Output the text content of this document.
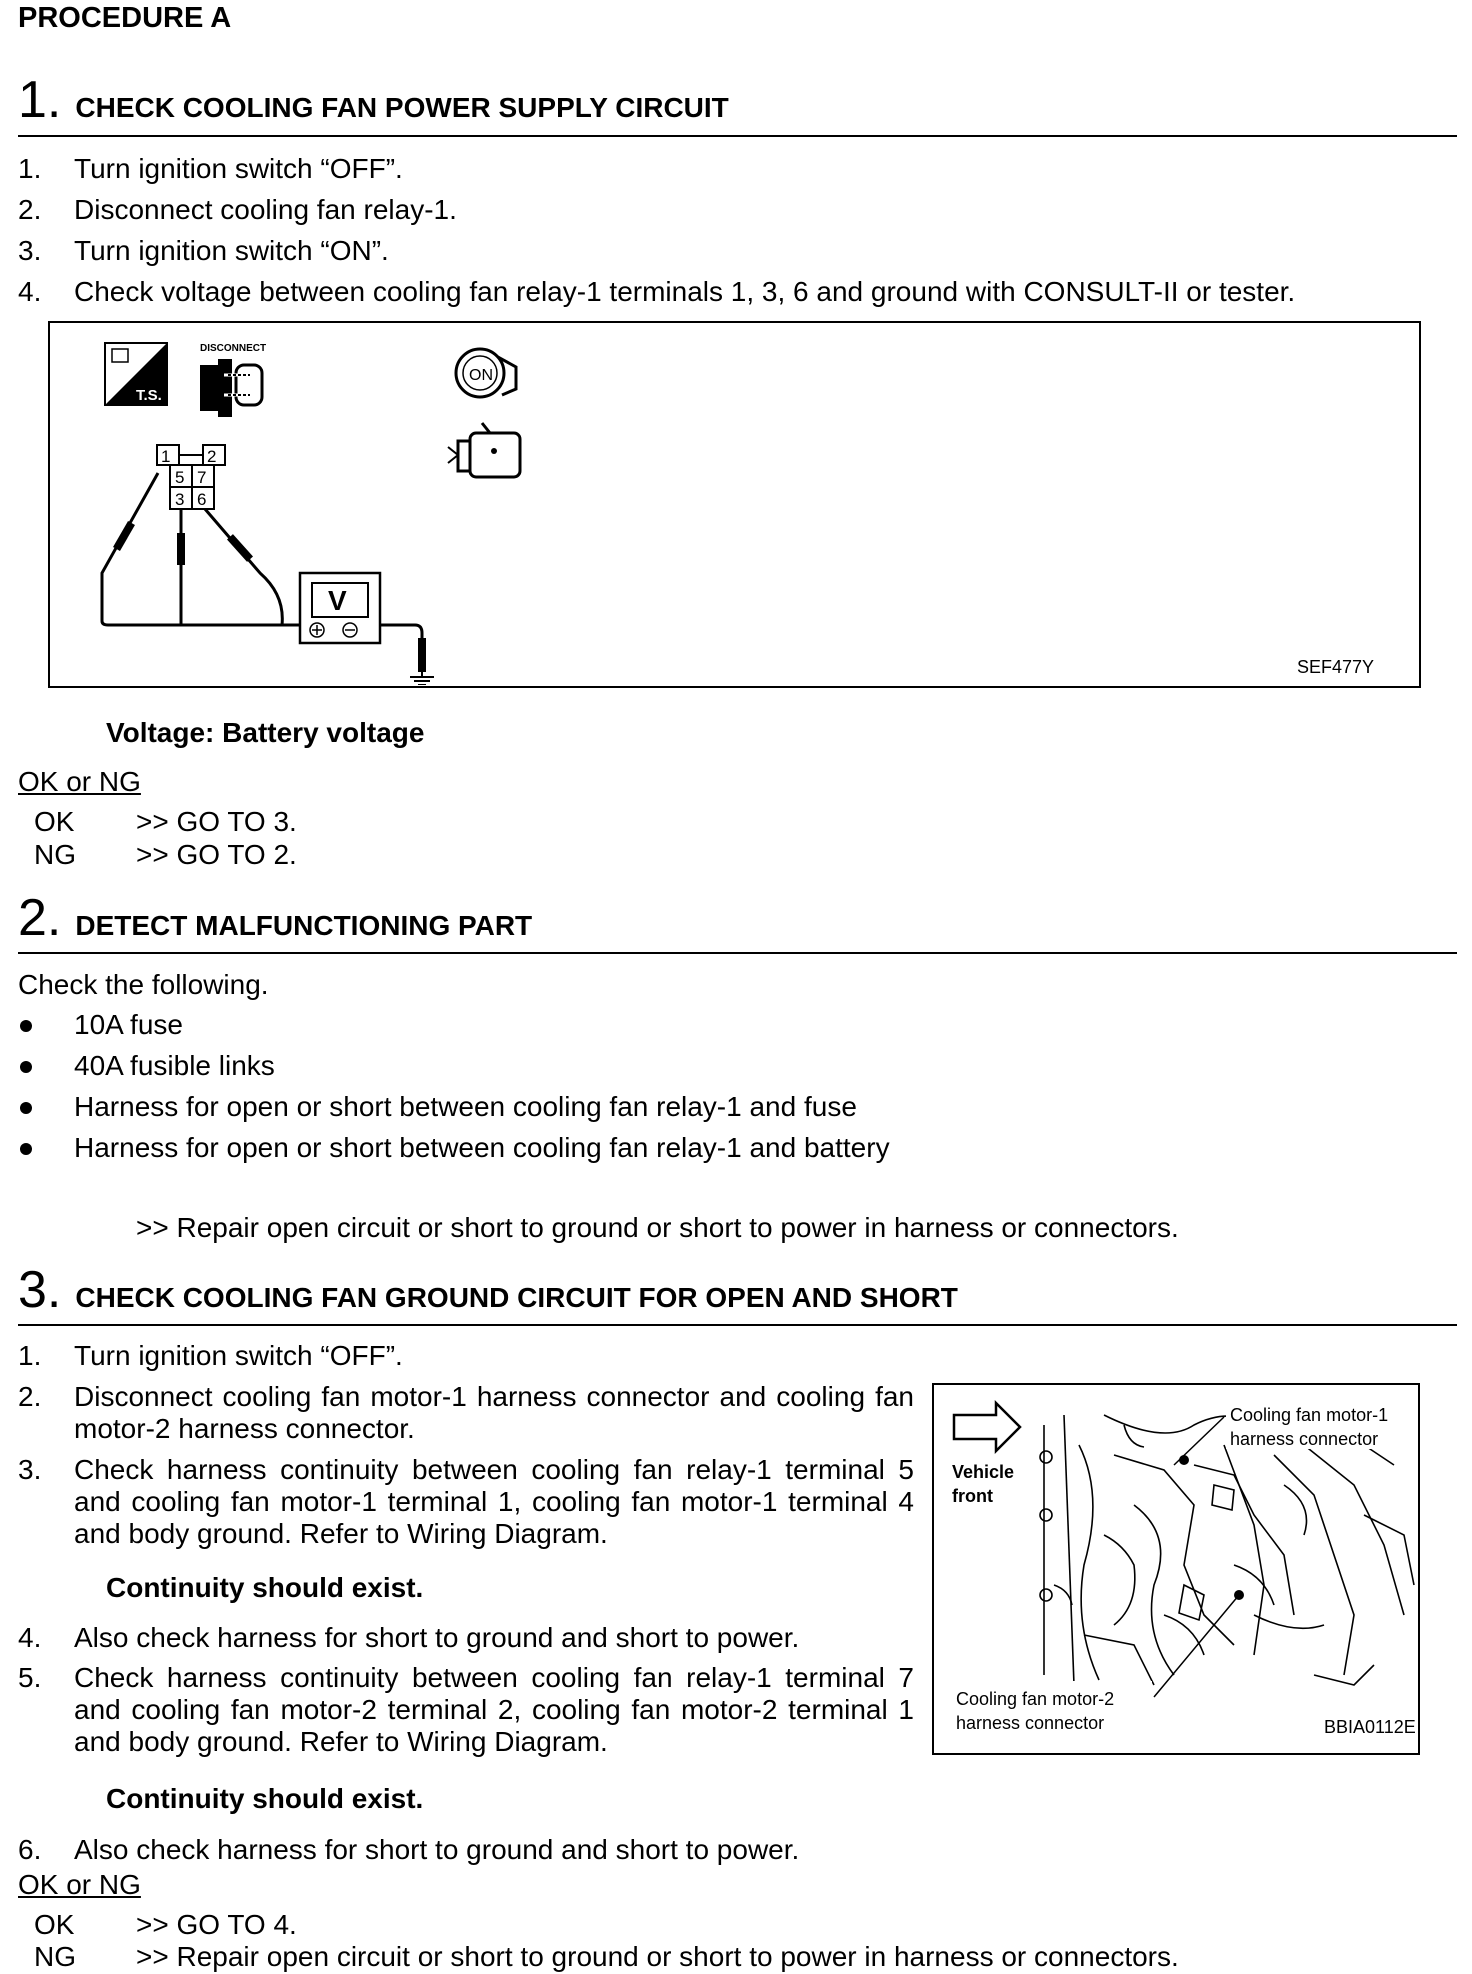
PROCEDURE A
1. CHECK COOLING FAN POWER SUPPLY CIRCUIT
1. Turn ignition switch “OFF”.
2. Disconnect cooling fan relay-1.
3. Turn ignition switch “ON”.
4. Check voltage between cooling fan relay-1 terminals 1, 3, 6 and ground with CONSULT-II or tester.
T.S.
DISCONNECT
ON
1 2
5 7
3 6
V
SEF477Y
Voltage: Battery voltage
OK or NG
OK >> GO TO 3.
NG >> GO TO 2.
2. DETECT MALFUNCTIONING PART
Check the following.
10A fuse
40A fusible links
Harness for open or short between cooling fan relay-1 and fuse
Harness for open or short between cooling fan relay-1 and battery
>> Repair open circuit or short to ground or short to power in harness or connectors.
3. CHECK COOLING FAN GROUND CIRCUIT FOR OPEN AND SHORT
1. Turn ignition switch “OFF”.
2. Disconnect cooling fan motor-1 harness connector and cooling fan motor-2 harness connector.
3. Check harness continuity between cooling fan relay-1 terminal 5 and cooling fan motor-1 terminal 1, cooling fan motor-1 terminal 4 and body ground. Refer to Wiring Diagram.
Continuity should exist.
4. Also check harness for short to ground and short to power.
5. Check harness continuity between cooling fan relay-1 terminal 7 and cooling fan motor-2 terminal 2, cooling fan motor-2 terminal 1 and body ground. Refer to Wiring Diagram.
Continuity should exist.
6. Also check harness for short to ground and short to power.
Vehicle
front
Cooling fan motor-1
harness connector
Cooling fan motor-2
harness connector	BBIA0112E
OK or NG
OK >> GO TO 4.
NG >> Repair open circuit or short to ground or short to power in harness or connectors.
